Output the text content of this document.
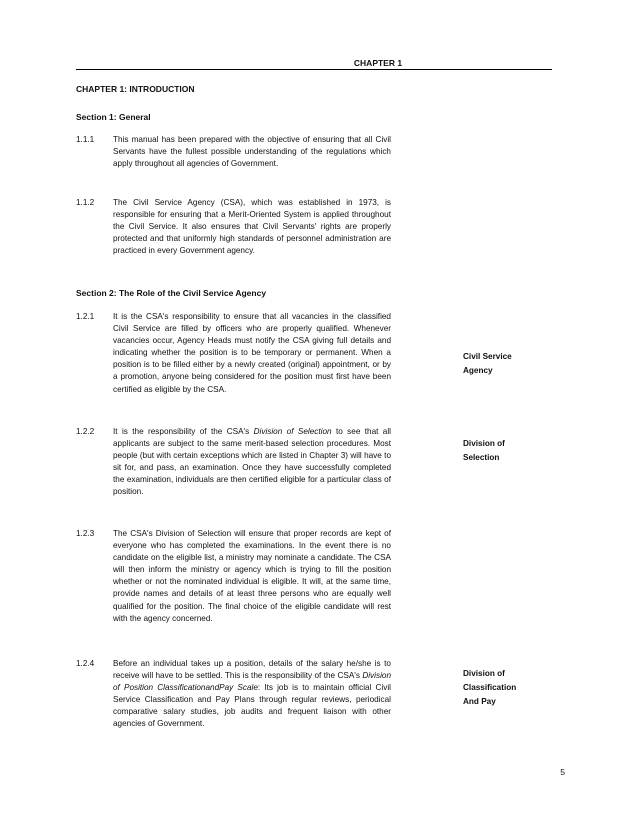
CHAPTER 1
CHAPTER 1: INTRODUCTION
Section 1: General
1.1.1 This manual has been prepared with the objective of ensuring that all Civil Servants have the fullest possible understanding of the regulations which apply throughout all agencies of Government.
1.1.2 The Civil Service Agency (CSA), which was established in 1973, is responsible for ensuring that a Merit-Oriented System is applied throughout the Civil Service. It also ensures that Civil Servants' rights are properly protected and that uniformly high standards of personnel administration are practiced in every Government agency.
Section 2: The Role of the Civil Service Agency
1.2.1 It is the CSA's responsibility to ensure that all vacancies in the classified Civil Service are filled by officers who are properly qualified. Whenever vacancies occur, Agency Heads must notify the CSA giving full details and indicating whether the position is to be temporary or permanent. When a position is to be filled either by a newly created (original) appointment, or by a promotion, anyone being considered for the position must first have been certified as eligible by the CSA.
1.2.2 It is the responsibility of the CSA's Division of Selection to see that all applicants are subject to the same merit-based selection procedures. Most people (but with certain exceptions which are listed in Chapter 3) will have to sit for, and pass, an examination. Once they have successfully completed the examination, individuals are then certified eligible for a particular class of position.
1.2.3 The CSA's Division of Selection will ensure that proper records are kept of everyone who has completed the examinations. In the event there is no candidate on the eligible list, a ministry may nominate a candidate. The CSA will then inform the ministry or agency which is trying to fill the position whether or not the nominated individual is eligible. It will, at the same time, provide names and details of at least three persons who are equally well qualified for the position. The final choice of the eligible candidate will rest with the agency concerned.
1.2.4 Before an individual takes up a position, details of the salary he/she is to receive will have to be settled. This is the responsibility of the CSA's Division of Position ClassificationandPay Scale: Its job is to maintain official Civil Service Classification and Pay Plans through regular reviews, periodical comparative salary studies, job audits and frequent liaison with other agencies of Government.
Civil Service
Agency
Division of
Selection
Division of
Classification
And Pay
5
